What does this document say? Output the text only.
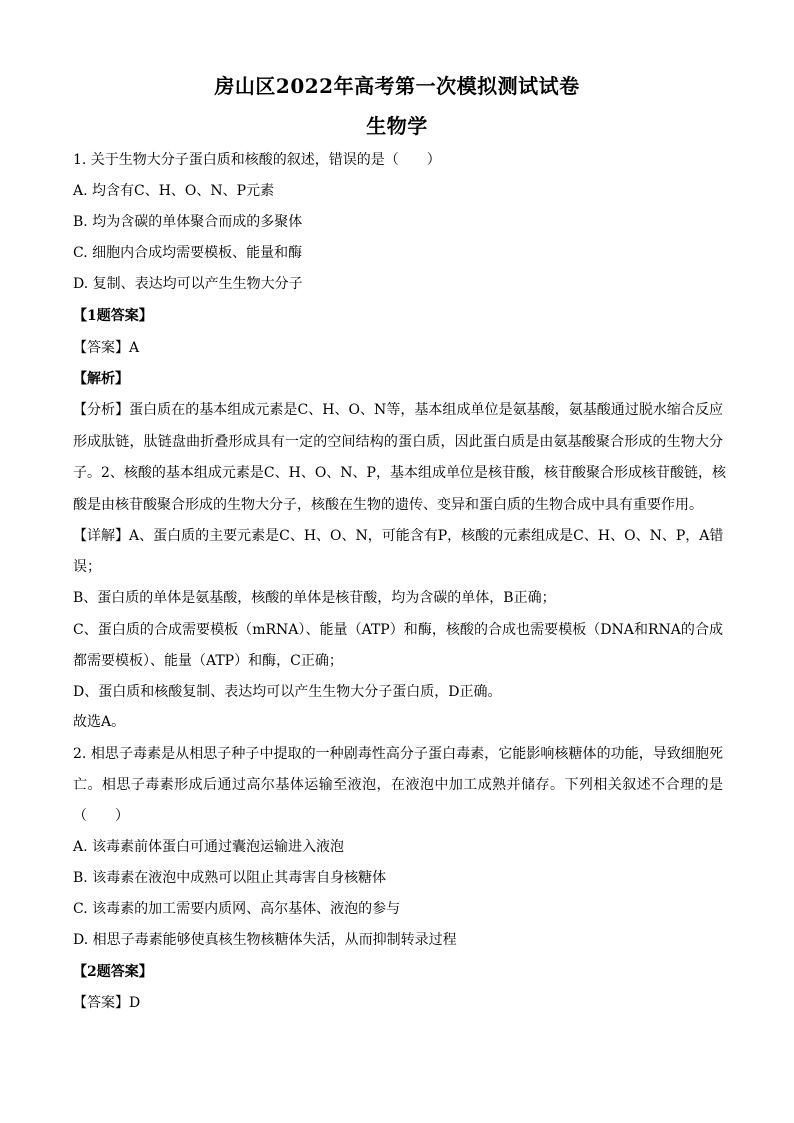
房山区2022年高考第一次模拟测试试卷
生物学
1. 关于生物大分子蛋白质和核酸的叙述，错误的是（　　）
A. 均含有C、H、O、N、P元素
B. 均为含碳的单体聚合而成的多聚体
C. 细胞内合成均需要模板、能量和酶
D. 复制、表达均可以产生生物大分子
【1题答案】
【答案】A
【解析】
【分析】蛋白质在的基本组成元素是C、H、O、N等，基本组成单位是氨基酸，氨基酸通过脱水缩合反应
形成肽链，肽链盘曲折叠形成具有一定的空间结构的蛋白质，因此蛋白质是由氨基酸聚合形成的生物大分
子。2、核酸的基本组成元素是C、H、O、N、P，基本组成单位是核苷酸，核苷酸聚合形成核苷酸链，核
酸是由核苷酸聚合形成的生物大分子，核酸在生物的遗传、变异和蛋白质的生物合成中具有重要作用。
【详解】A、蛋白质的主要元素是C、H、O、N，可能含有P，核酸的元素组成是C、H、O、N、P，A错
误；
B、蛋白质的单体是氨基酸，核酸的单体是核苷酸，均为含碳的单体，B正确；
C、蛋白质的合成需要模板（mRNA）、能量（ATP）和酶，核酸的合成也需要模板（DNA和RNA的合成
都需要模板）、能量（ATP）和酶，C正确；
D、蛋白质和核酸复制、表达均可以产生生物大分子蛋白质，D正确。
故选A。
2. 相思子毒素是从相思子种子中提取的一种剧毒性高分子蛋白毒素，它能影响核糖体的功能，导致细胞死
亡。相思子毒素形成后通过高尔基体运输至液泡，在液泡中加工成熟并储存。下列相关叙述不合理的是
（　　）
A. 该毒素前体蛋白可通过囊泡运输进入液泡
B. 该毒素在液泡中成熟可以阻止其毒害自身核糖体
C. 该毒素的加工需要内质网、高尔基体、液泡的参与
D. 相思子毒素能够使真核生物核糖体失活，从而抑制转录过程
【2题答案】
【答案】D
